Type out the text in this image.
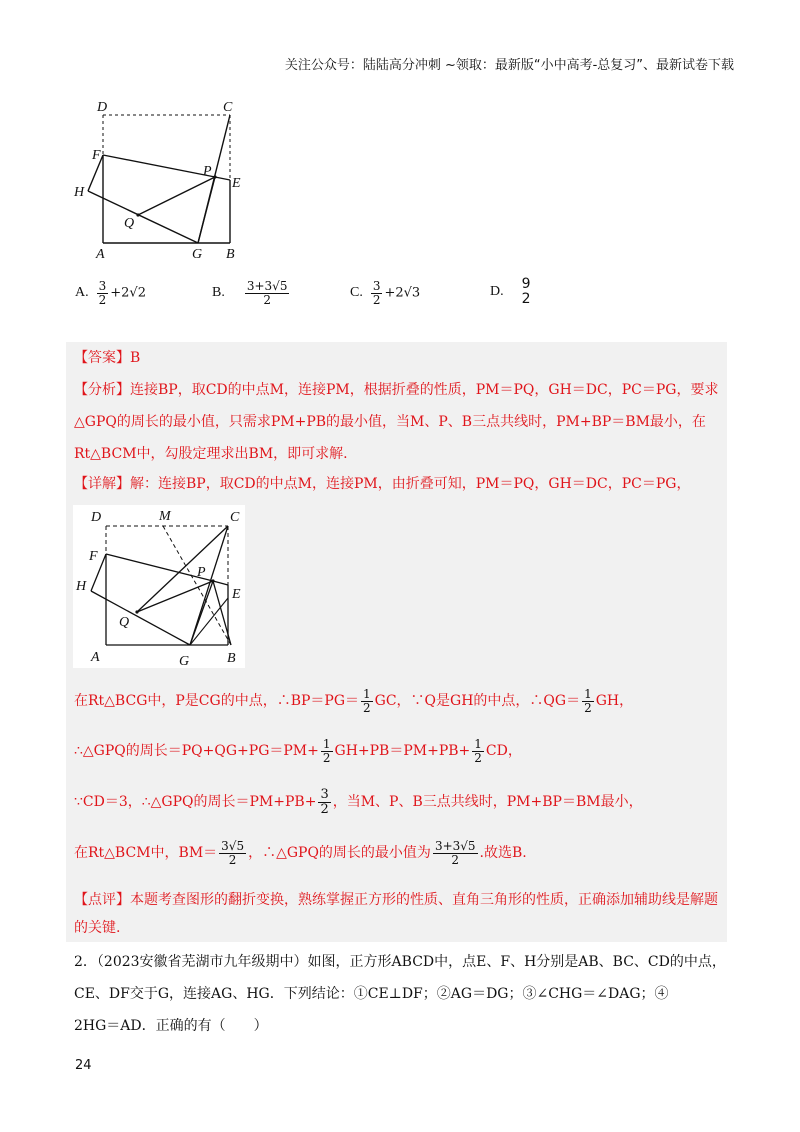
关注公众号：陆陆高分冲刺 ~领取：最新版“小中高考-总复习”、最新试卷下载
D	C
F
H
P
E
Q
A	G B
A. $\frac{3}{2} +2√2$	B. $\frac{3+3√5}{2}$	C. $\frac{3}{2} +2√3$	D. 9
2
【答案】B
【分析】连接BP，取CD的中点M，连接PM，根据折叠的性质，PM＝PQ，GH＝DC，PC＝PG，要求
△GPQ的周长的最小值，只需求PM+PB的最小值，当M、P、B三点共线时，PM+BP＝BM最小，在
Rt△BCM中，勾股定理求出BM，即可求解.
【详解】解：连接BP，取CD的中点M，连接PM，由折叠可知，PM＝PQ，GH＝DC，PC＝PG，
D	M	C
F
H
P
E
Q
A	G	B
在Rt△BCG中，P是CG的中点，∴BP＝PG＝ $\frac{1}{2}$ GC，∵Q是GH的中点，∴QG＝ $\frac{1}{2}$ GH，
∴△GPQ的周长$=PQ+QG+PG=PM+ \frac{1}{2} GH+PB=PM+PB+ \frac{1}{2}$ CD，
∵CD＝3，∴△GPQ的周长$=PM+PB+ \frac{3}{2}$ ，当M、P、B三点共线时，PM+BP＝BM最小，
在Rt△BCM中，$BM= \frac{3√5}{2}$ ，∴△GPQ的周长的最小值为 $\frac{3+3√5}{2}$ .故选B.
【点评】本题考查图形的翻折变换，熟练掌握正方形的性质、直角三角形的性质，正确添加辅助线是解题
的关键.
2．（2023安徽省芜湖市九年级期中）如图，正方形ABCD中，点E、F、H分别是AB、BC、CD的中点，
CE、DF交于G，连接AG、HG．下列结论：①CE⊥DF；②AG＝DG；③∠CHG＝∠DAG；④
2HG＝AD．正确的有（　　）
24
